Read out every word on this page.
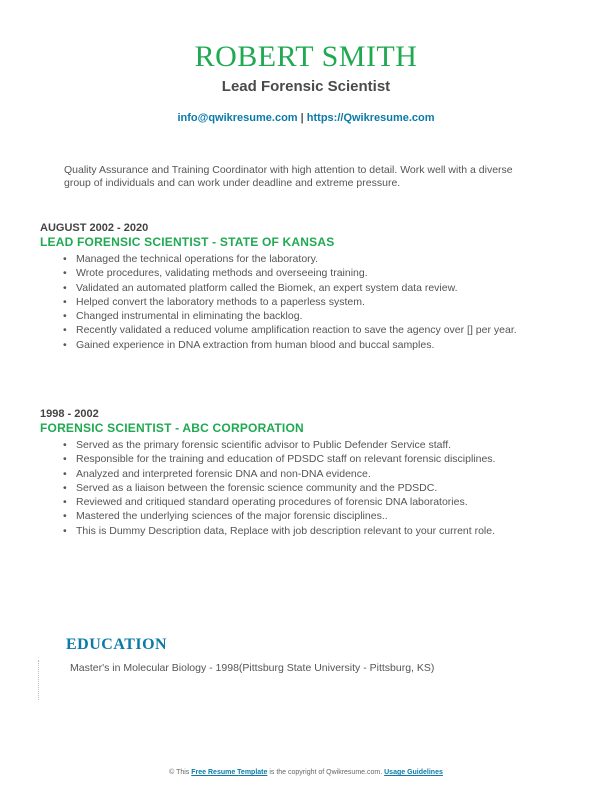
ROBERT SMITH
Lead Forensic Scientist
info@qwikresume.com | https://Qwikresume.com
Quality Assurance and Training Coordinator with high attention to detail. Work well with a diverse group of individuals and can work under deadline and extreme pressure.
AUGUST 2002 - 2020
LEAD FORENSIC SCIENTIST - STATE OF KANSAS
• Managed the technical operations for the laboratory.
• Wrote procedures, validating methods and overseeing training.
• Validated an automated platform called the Biomek, an expert system data review.
• Helped convert the laboratory methods to a paperless system.
• Changed instrumental in eliminating the backlog.
• Recently validated a reduced volume amplification reaction to save the agency over [] per year.
• Gained experience in DNA extraction from human blood and buccal samples.
1998 - 2002
FORENSIC SCIENTIST - ABC CORPORATION
• Served as the primary forensic scientific advisor to Public Defender Service staff.
• Responsible for the training and education of PDSDC staff on relevant forensic disciplines.
• Analyzed and interpreted forensic DNA and non-DNA evidence.
• Served as a liaison between the forensic science community and the PDSDC.
• Reviewed and critiqued standard operating procedures of forensic DNA laboratories.
• Mastered the underlying sciences of the major forensic disciplines..
• This is Dummy Description data, Replace with job description relevant to your current role.
EDUCATION
Master's in Molecular Biology - 1998(Pittsburg State University - Pittsburg, KS)
© This Free Resume Template is the copyright of Qwikresume.com. Usage Guidelines
